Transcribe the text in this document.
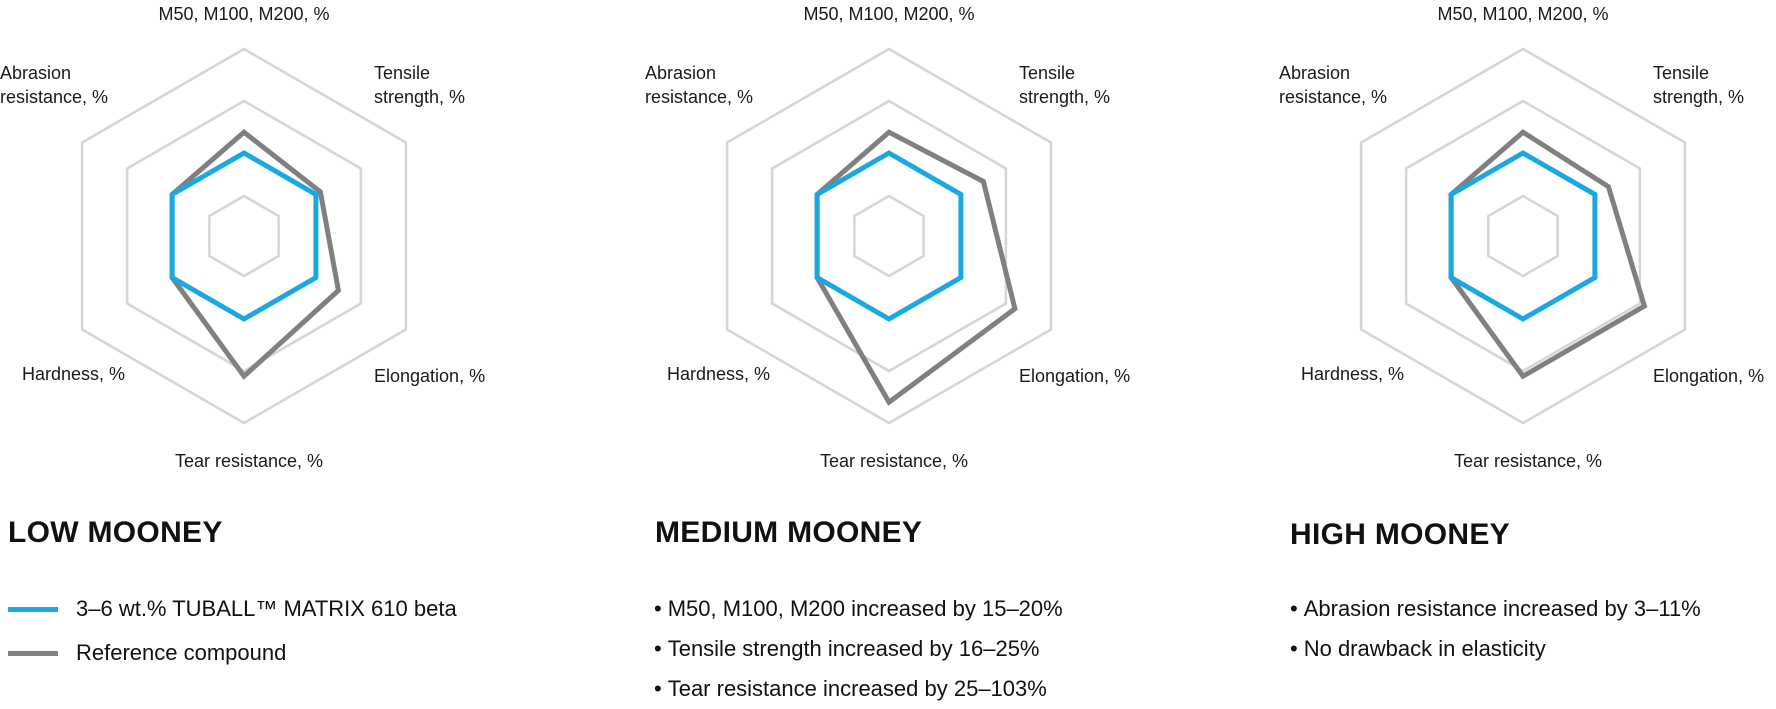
M50, M100, M200, %
Tensile
strength, %
Elongation, %
Tear resistance, %
Hardness, %
Abrasion
resistance, %
M50, M100, M200, %
Tensile
strength, %
Elongation, %
Tear resistance, %
Hardness, %
Abrasion
resistance, %
M50, M100, M200, %
Tensile
strength, %
Elongation, %
Tear resistance, %
Hardness, %
Abrasion
resistance, %
LOW MOONEY	MEDIUM MOONEY	HIGH MOONEY
3–6 wt.% TUBALL™ MATRIX 610 beta
Reference compound
• M50, M100, M200 increased by 15–20%
• Tensile strength increased by 16–25%
• Tear resistance increased by 25–103%
• Abrasion resistance increased by 3–11%
• No drawback in elasticity
